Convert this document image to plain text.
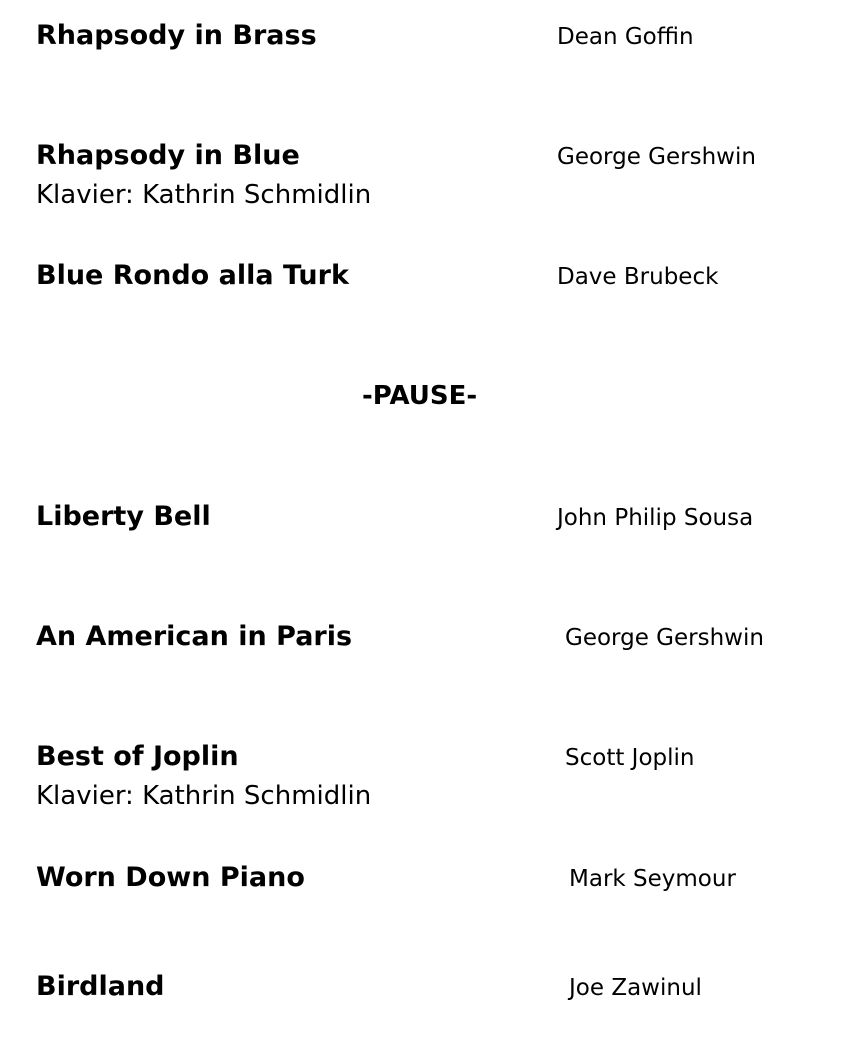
Rhapsody in Brass	Dean Goffin
Rhapsody in Blue	George Gershwin
Klavier: Kathrin Schmidlin
Blue Rondo alla Turk	Dave Brubeck
-PAUSE-
Liberty Bell	John Philip Sousa
An American in Paris	George Gershwin
Best of Joplin	Scott Joplin
Klavier: Kathrin Schmidlin
Worn Down Piano	Mark Seymour
Birdland	Joe Zawinul
